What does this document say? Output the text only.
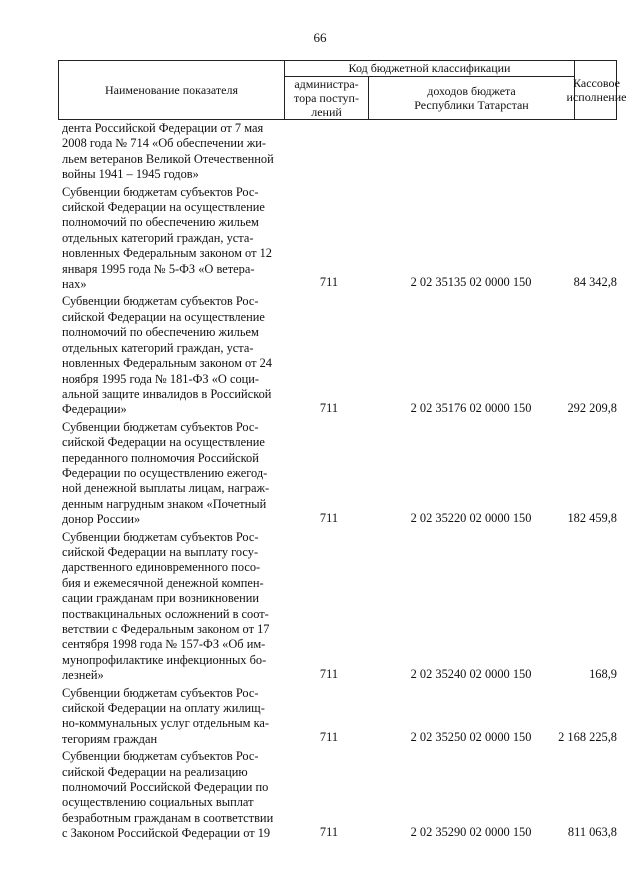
66
Наименование показателя
Код бюджетной классификации
администра-
тора поступ-
лений
доходов бюджета
Республики Татарстан
Кассовое
исполнение
дента Российской Федерации от 7 мая
2008 года № 714 «Об обеспечении жи-
льем ветеранов Великой Отечественной
войны 1941 – 1945 годов»
Субвенции бюджетам субъектов Рос-
сийской Федерации на осуществление
полномочий по обеспечению жильем
отдельных категорий граждан, уста-
новленных Федеральным законом от 12
января 1995 года № 5-ФЗ «О ветера-
нах»	711	2 02 35135 02 0000 150	84 342,8
Субвенции бюджетам субъектов Рос-
сийской Федерации на осуществление
полномочий по обеспечению жильем
отдельных категорий граждан, уста-
новленных Федеральным законом от 24
ноября 1995 года № 181-ФЗ «О соци-
альной защите инвалидов в Российской
Федерации»	711	2 02 35176 02 0000 150	292 209,8
Субвенции бюджетам субъектов Рос-
сийской Федерации на осуществление
переданного полномочия Российской
Федерации по осуществлению ежегод-
ной денежной выплаты лицам, награж-
денным нагрудным знаком «Почетный
донор России»	711	2 02 35220 02 0000 150	182 459,8
Субвенции бюджетам субъектов Рос-
сийской Федерации на выплату госу-
дарственного единовременного посо-
бия и ежемесячной денежной компен-
сации гражданам при возникновении
поствакцинальных осложнений в соот-
ветствии с Федеральным законом от 17
сентября 1998 года № 157-ФЗ «Об им-
мунопрофилактике инфекционных бо-
лезней»	711	2 02 35240 02 0000 150	168,9
Субвенции бюджетам субъектов Рос-
сийской Федерации на оплату жилищ-
но-коммунальных услуг отдельным ка-
тегориям граждан	711	2 02 35250 02 0000 150	2 168 225,8
Субвенции бюджетам субъектов Рос-
сийской Федерации на реализацию
полномочий Российской Федерации по
осуществлению социальных выплат
безработным гражданам в соответствии
с Законом Российской Федерации от 19	711	2 02 35290 02 0000 150	811 063,8
